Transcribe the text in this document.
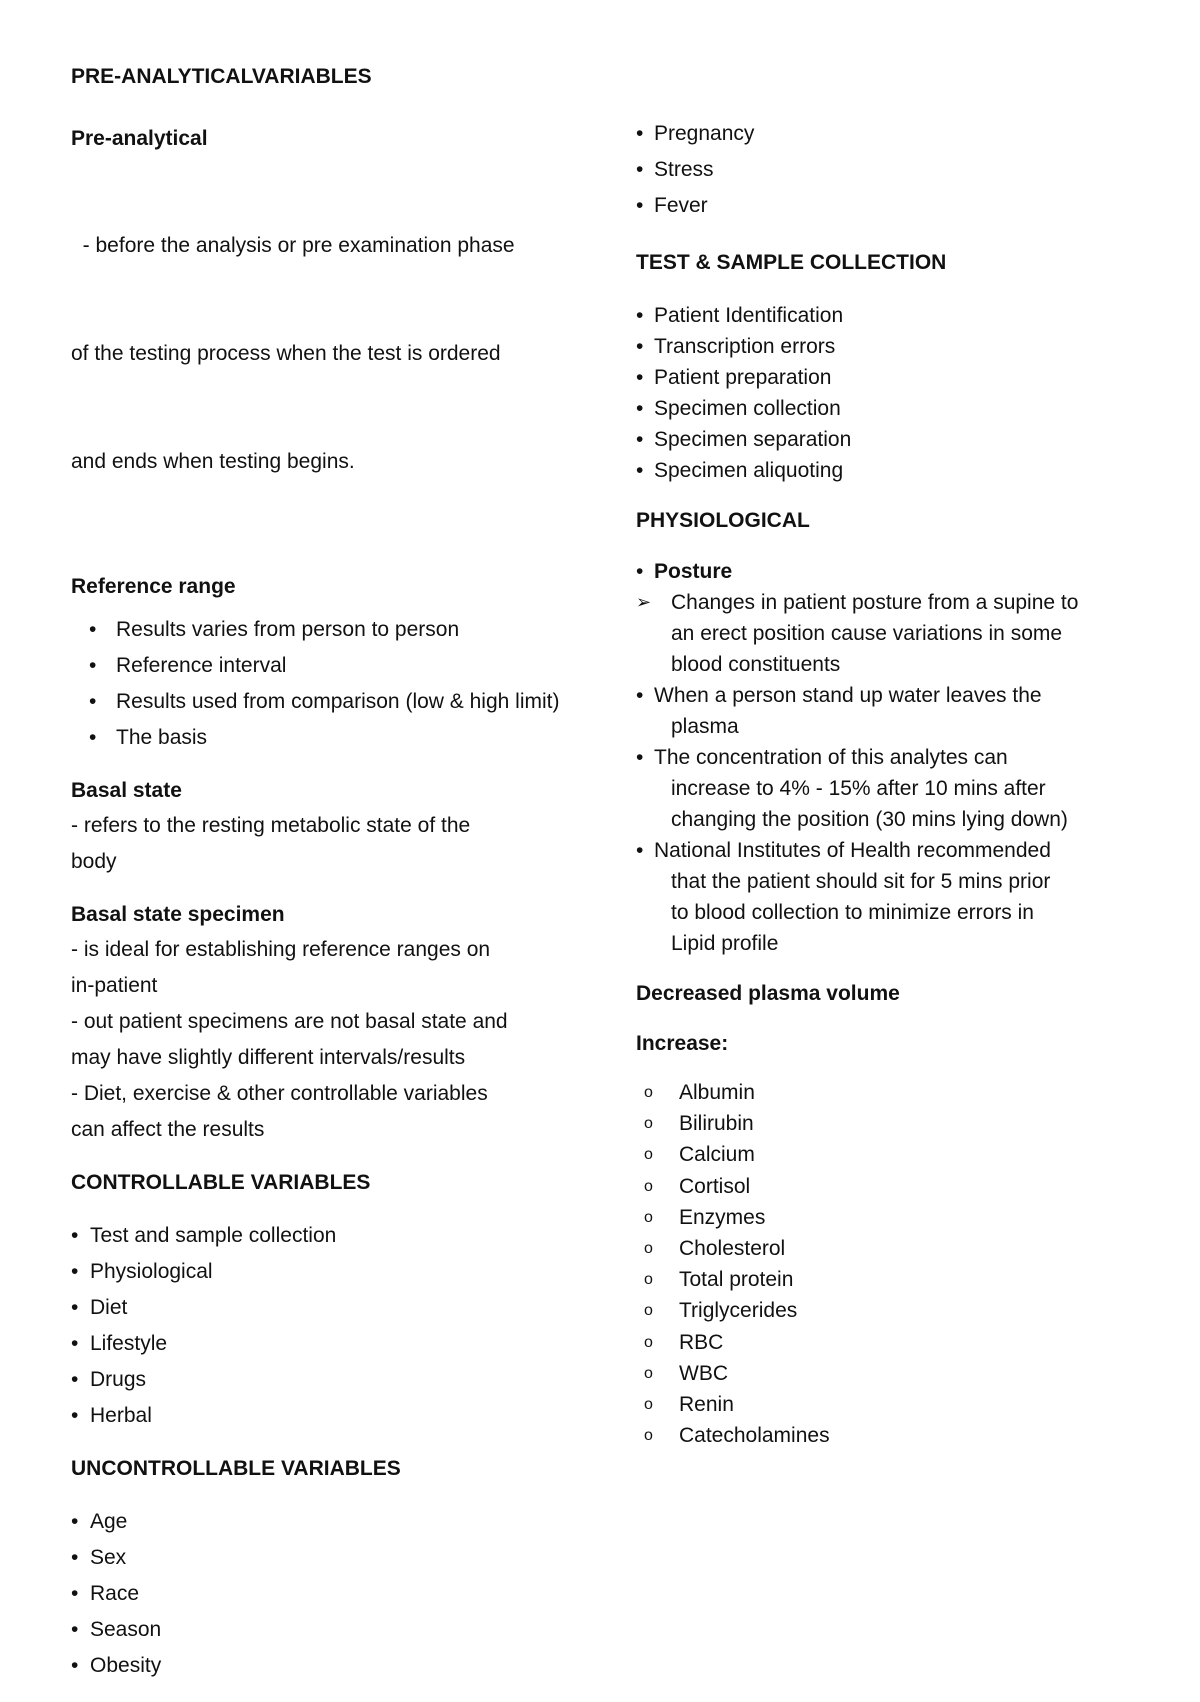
PRE-ANALYTICALVARIABLES
Pre-analytical

- before the analysis or pre examination phase

of the testing process when the test is ordered

and ends when testing begins.

Reference range
• Results varies from person to person
• Reference interval
• Results used from comparison (low & high limit)
• The basis
Basal state
- refers to the resting metabolic state of the
body
Basal state specimen
- is ideal for establishing reference ranges on
in-patient
- out patient specimens are not basal state and
may have slightly different intervals/results
- Diet, exercise & other controllable variables
can affect the results
CONTROLLABLE VARIABLES
• Test and sample collection
• Physiological
• Diet
• Lifestyle
• Drugs
• Herbal
UNCONTROLLABLE VARIABLES
• Age
• Sex
• Race
• Season
• Obesity
• Pregnancy
• Stress
• Fever
TEST & SAMPLE COLLECTION
• Patient Identification
• Transcription errors
• Patient preparation
• Specimen collection
• Specimen separation
• Specimen aliquoting
PHYSIOLOGICAL
• Posture
➢ Changes in patient posture from a supine to
an erect position cause variations in some
blood constituents
• When a person stand up water leaves the
plasma
• The concentration of this analytes can
increase to 4% - 15% after 10 mins after
changing the position (30 mins lying down)
• National Institutes of Health recommended
that the patient should sit for 5 mins prior
to blood collection to minimize errors in
Lipid profile
Decreased plasma volume
Increase:
o Albumin
o Bilirubin
o Calcium
o Cortisol
o Enzymes
o Cholesterol
o Total protein
o Triglycerides
o RBC
o WBC
o Renin
o Catecholamines
